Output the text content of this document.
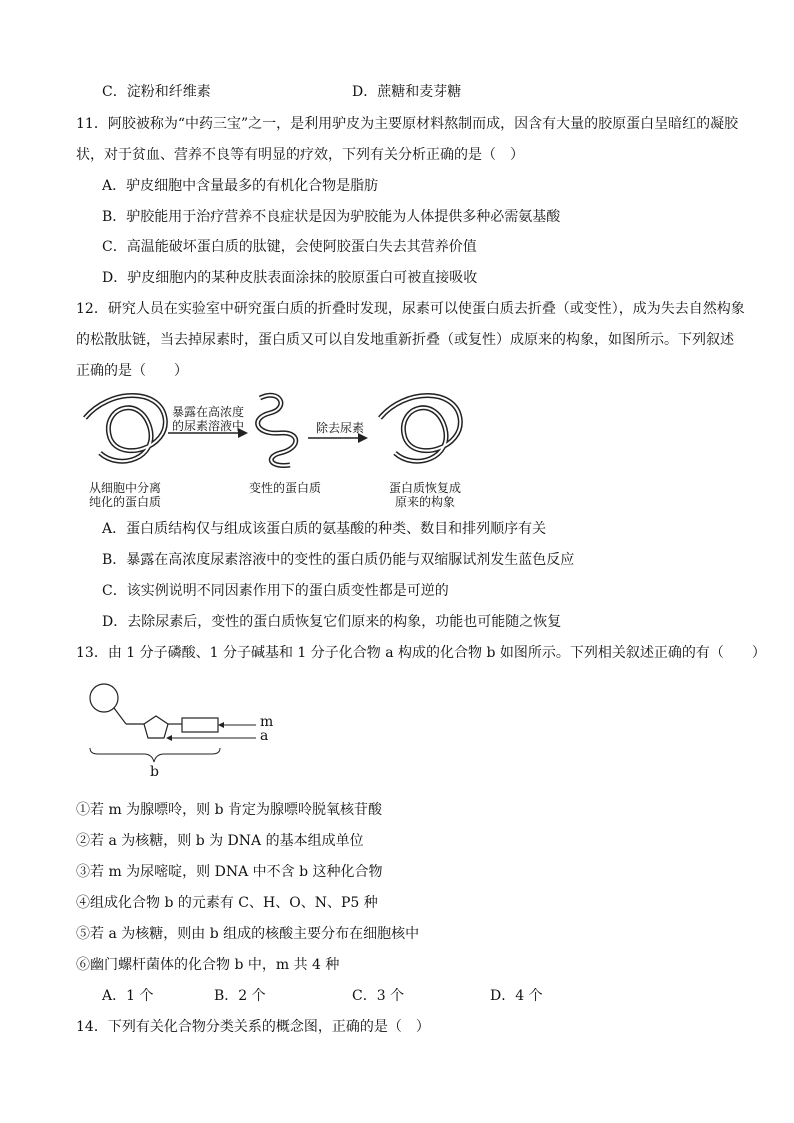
C．淀粉和纤维素	D．蔗糖和麦芽糖
11．阿胶被称为“中药三宝”之一，是利用驴皮为主要原材料熬制而成，因含有大量的胶原蛋白呈暗红的凝胶
状，对于贫血、营养不良等有明显的疗效，下列有关分析正确的是（　）
A．驴皮细胞中含量最多的有机化合物是脂肪
B．驴胶能用于治疗营养不良症状是因为驴胶能为人体提供多种必需氨基酸
C．高温能破坏蛋白质的肽键，会使阿胶蛋白失去其营养价值
D．驴皮细胞内的某种皮肤表面涂抹的胶原蛋白可被直接吸收
12．研究人员在实验室中研究蛋白质的折叠时发现，尿素可以使蛋白质去折叠（或变性），成为失去自然构象
的松散肽链，当去掉尿素时，蛋白质又可以自发地重新折叠（或复性）成原来的构象，如图所示。下列叙述
正确的是（　　）
暴露在高浓度
的尿素溶液中	除去尿素
从细胞中分离
纯化的蛋白质
变性的蛋白质	蛋白质恢复成
原来的构象
A．蛋白质结构仅与组成该蛋白质的氨基酸的种类、数目和排列顺序有关
B．暴露在高浓度尿素溶液中的变性的蛋白质仍能与双缩脲试剂发生蓝色反应
C．该实例说明不同因素作用下的蛋白质变性都是可逆的
D．去除尿素后，变性的蛋白质恢复它们原来的构象，功能也可能随之恢复
13．由 1 分子磷酸、1 分子碱基和 1 分子化合物 a 构成的化合物 b 如图所示。下列相关叙述正确的有（　　）
m
a
b
①若 m 为腺嘌呤，则 b 肯定为腺嘌呤脱氧核苷酸
②若 a 为核糖，则 b 为 DNA 的基本组成单位
③若 m 为尿嘧啶，则 DNA 中不含 b 这种化合物
④组成化合物 b 的元素有 C、H、O、N、P5 种
⑤若 a 为核糖，则由 b 组成的核酸主要分布在细胞核中
⑥幽门螺杆菌体的化合物 b 中，m 共 4 种
A．1 个	B．2 个	C．3 个	D．4 个
14．下列有关化合物分类关系的概念图，正确的是（　）
